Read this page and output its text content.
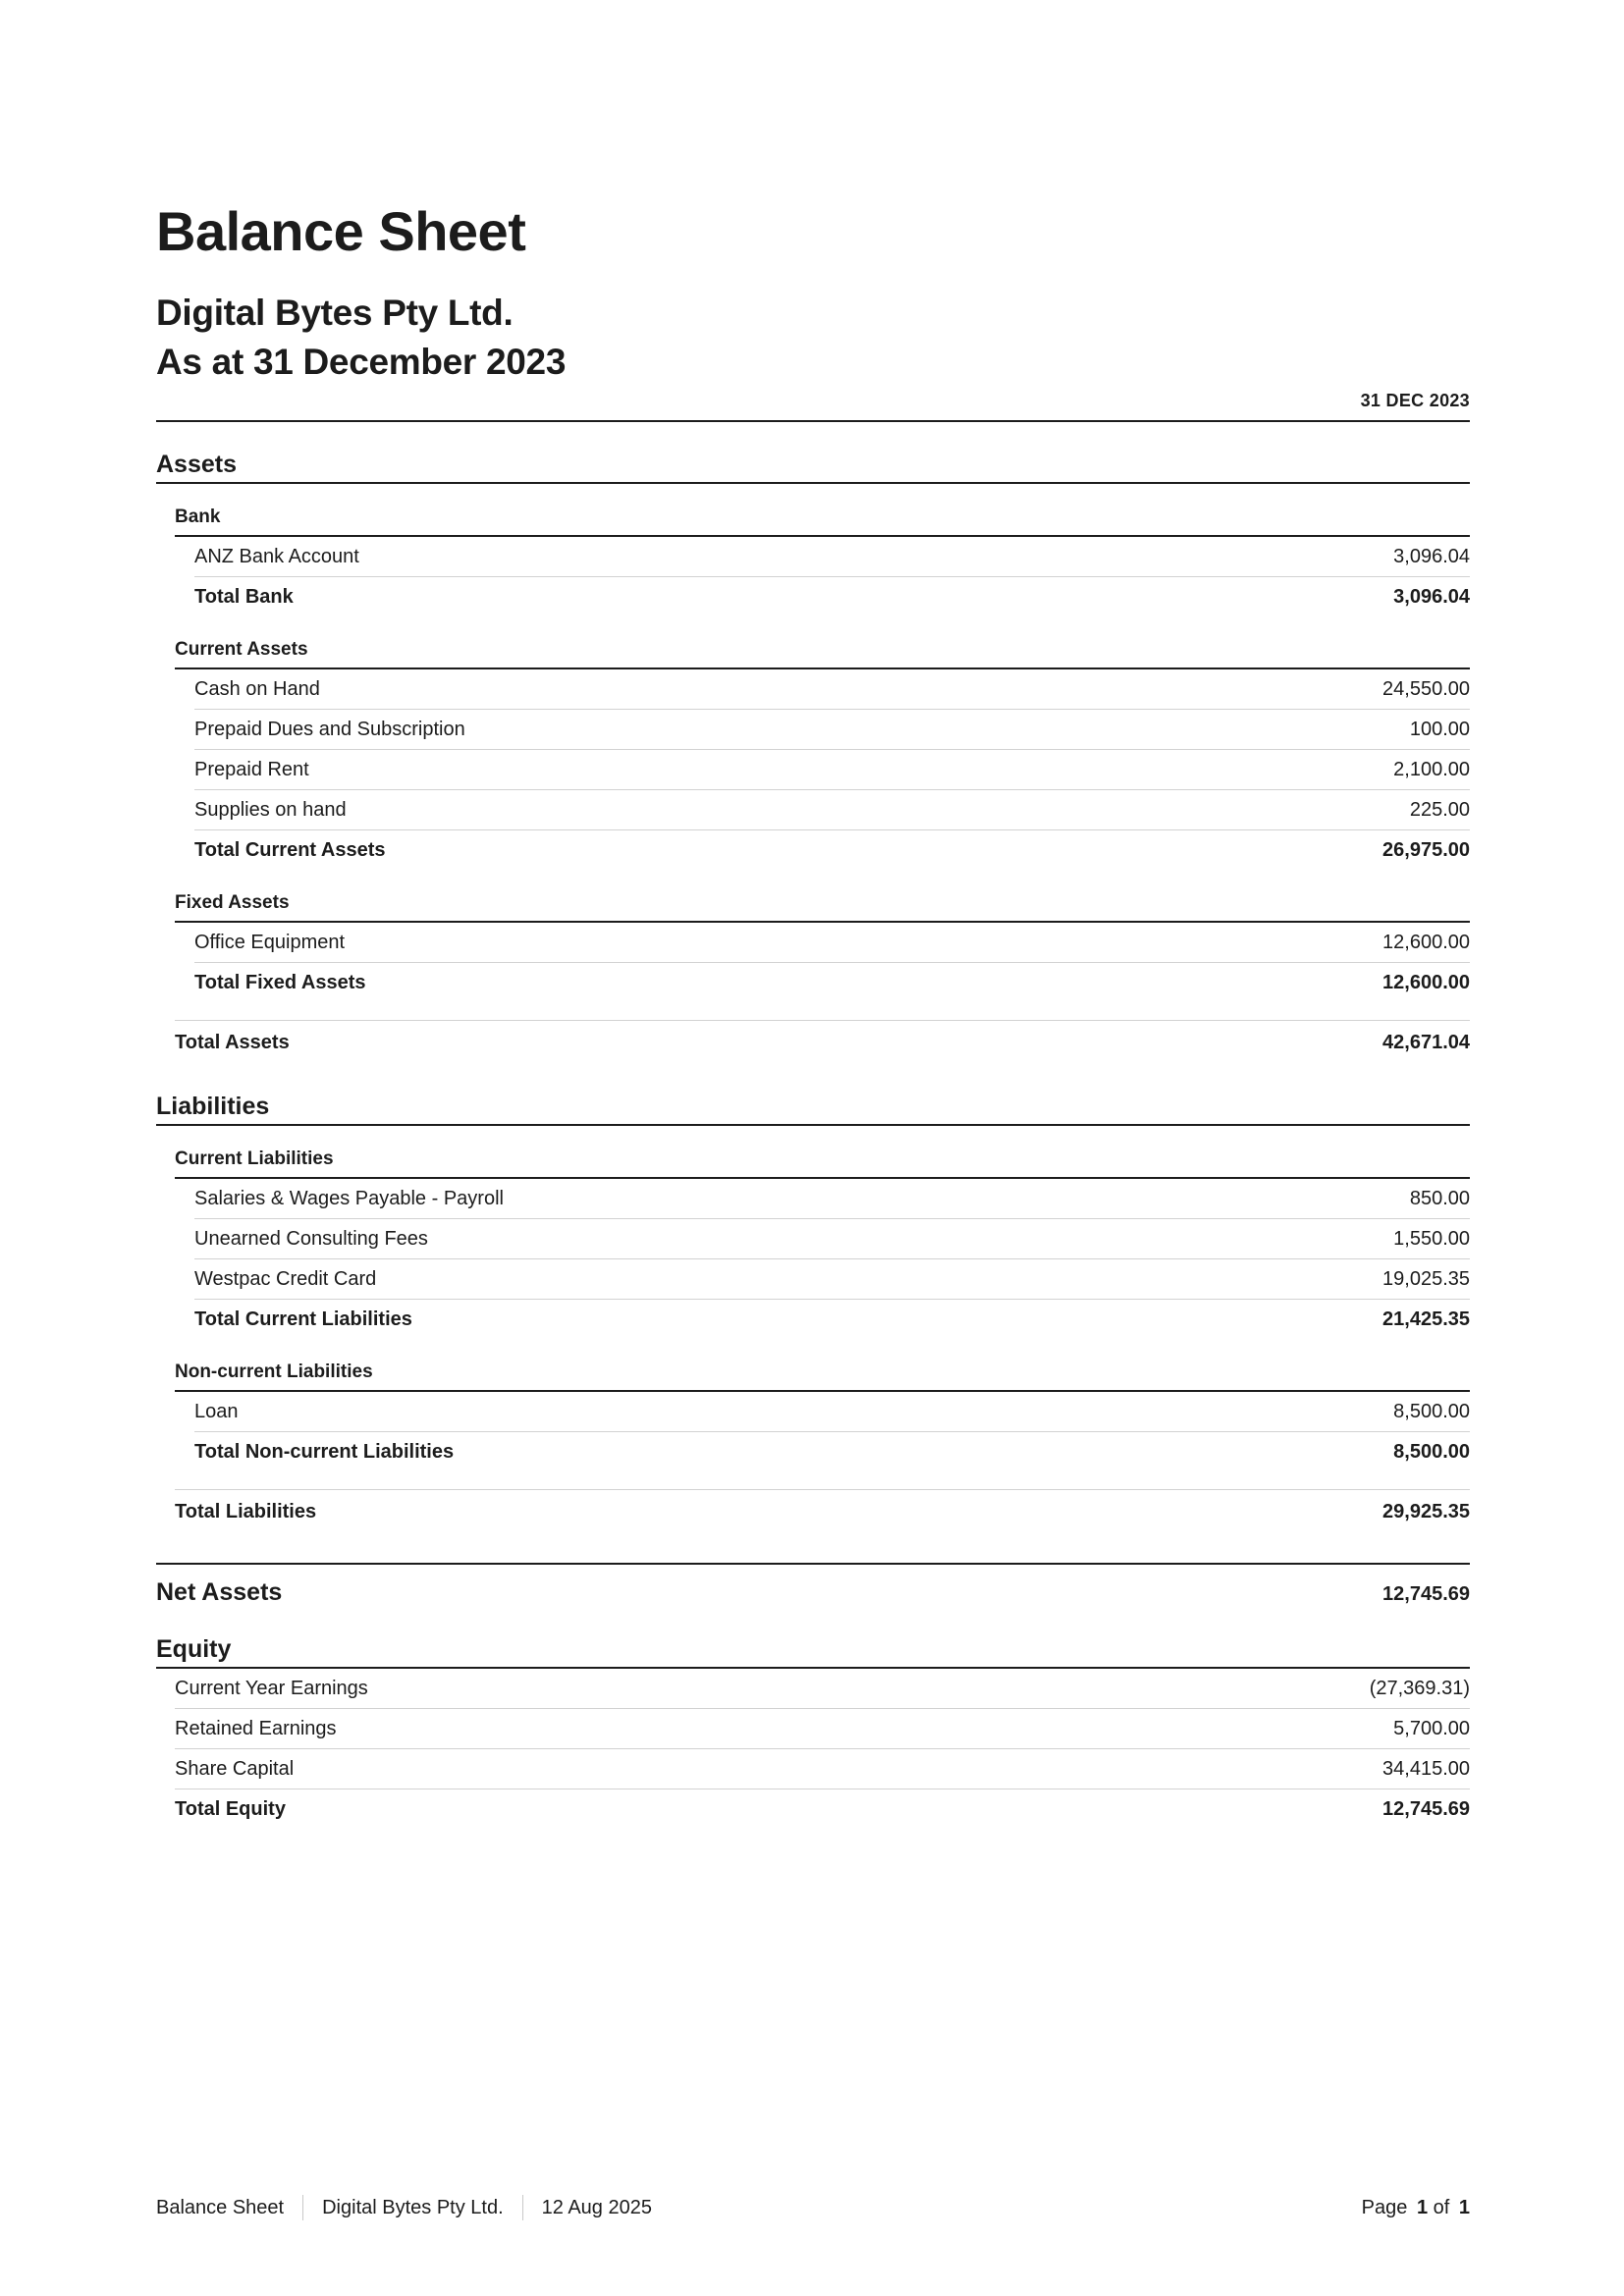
Balance Sheet
Digital Bytes Pty Ltd.
As at 31 December 2023
31 DEC 2023
Assets
Bank
ANZ Bank Account	3,096.04
Total Bank	3,096.04
Current Assets
Cash on Hand	24,550.00
Prepaid Dues and Subscription	100.00
Prepaid Rent	2,100.00
Supplies on hand	225.00
Total Current Assets	26,975.00
Fixed Assets
Office Equipment	12,600.00
Total Fixed Assets	12,600.00
Total Assets	42,671.04
Liabilities
Current Liabilities
Salaries & Wages Payable - Payroll	850.00
Unearned Consulting Fees	1,550.00
Westpac Credit Card	19,025.35
Total Current Liabilities	21,425.35
Non-current Liabilities
Loan	8,500.00
Total Non-current Liabilities	8,500.00
Total Liabilities	29,925.35
Net Assets	12,745.69
Equity
Current Year Earnings	(27,369.31)
Retained Earnings	5,700.00
Share Capital	34,415.00
Total Equity	12,745.69
Balance Sheet Digital Bytes Pty Ltd. 12 Aug 2025	Page 1 of 1
